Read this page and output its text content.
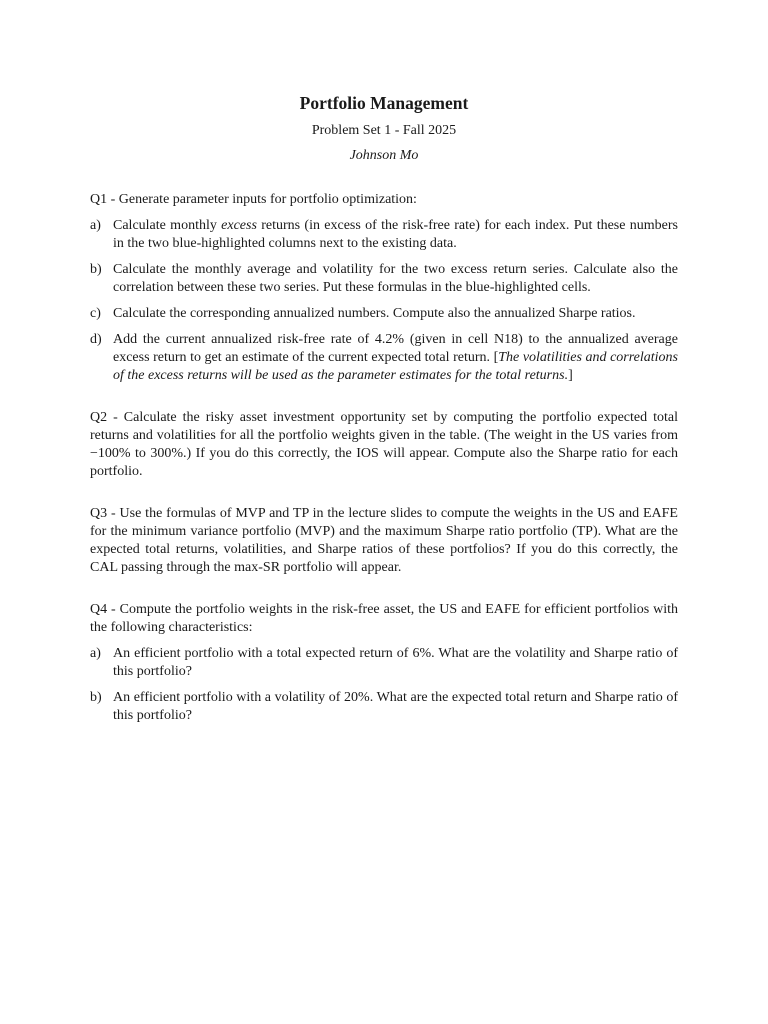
Portfolio Management

Problem Set 1 - Fall 2025

Johnson Mo

Q1 - Generate parameter inputs for portfolio optimization:

a) Calculate monthly excess returns (in excess of the risk-free rate) for each index. Put these numbers in the two blue-highlighted columns next to the existing data.
b) Calculate the monthly average and volatility for the two excess return series. Calculate also the correlation between these two series. Put these formulas in the blue-highlighted cells.
c) Calculate the corresponding annualized numbers. Compute also the annualized Sharpe ratios.
d) Add the current annualized risk-free rate of 4.2% (given in cell N18) to the annualized average excess return to get an estimate of the current expected total return. [The volatilities and correlations of the excess returns will be used as the parameter estimates for the total returns.]

Q2 - Calculate the risky asset investment opportunity set by computing the portfolio expected total returns and volatilities for all the portfolio weights given in the table. (The weight in the US varies from −100% to 300%.) If you do this correctly, the IOS will appear. Compute also the Sharpe ratio for each portfolio.

Q3 - Use the formulas of MVP and TP in the lecture slides to compute the weights in the US and EAFE for the minimum variance portfolio (MVP) and the maximum Sharpe ratio portfolio (TP). What are the expected total returns, volatilities, and Sharpe ratios of these portfolios? If you do this correctly, the CAL passing through the max-SR portfolio will appear.

Q4 - Compute the portfolio weights in the risk-free asset, the US and EAFE for efficient portfolios with the following characteristics:

a) An efficient portfolio with a total expected return of 6%. What are the volatility and Sharpe ratio of this portfolio?
b) An efficient portfolio with a volatility of 20%. What are the expected total return and Sharpe ratio of this portfolio?
